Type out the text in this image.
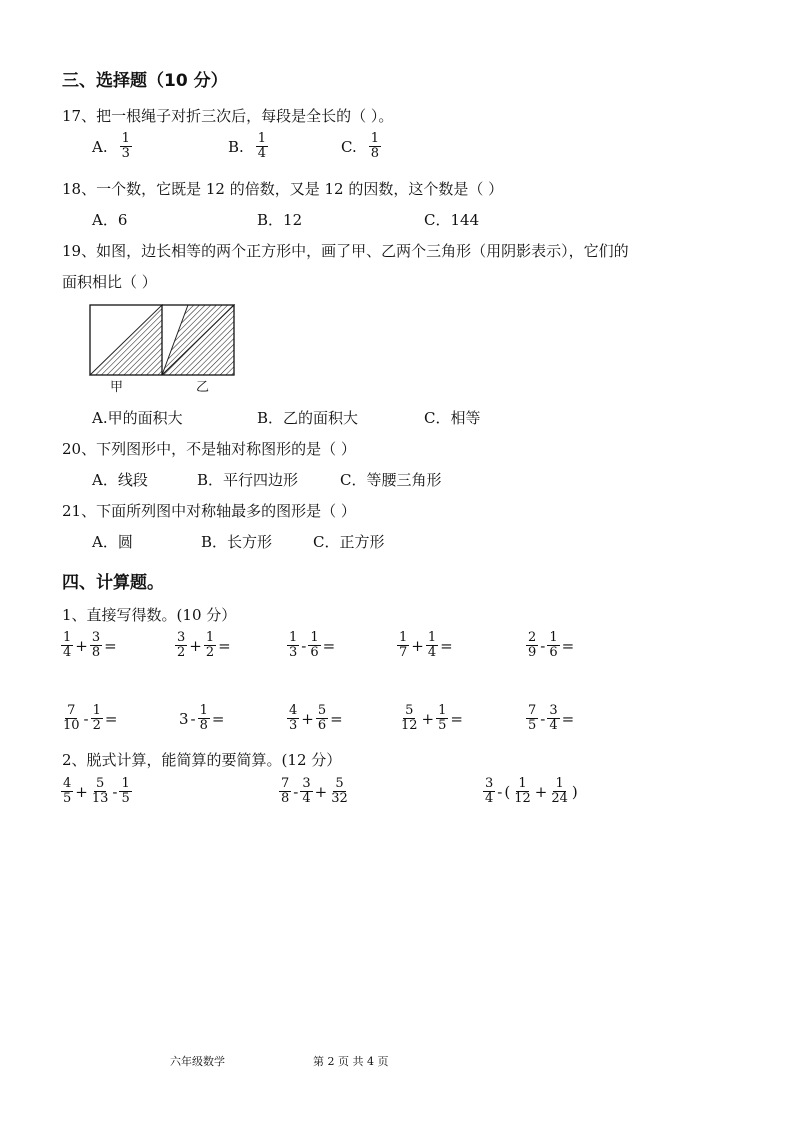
三、选择题（10 分）
17、把一根绳子对折三次后，每段是全长的（ ）。
A. $\frac{1}{3}$	B. $\frac{1}{4}$	C. $\frac{1}{8}$
18、一个数，它既是 12 的倍数，又是 12 的因数，这个数是（ ）
A．6	B．12	C．144
19、如图，边长相等的两个正方形中，画了甲、乙两个三角形（用阴影表示），它们的
面积相比（ ）
甲	乙
A.甲的面积大	B．乙的面积大	C．相等
20、下列图形中，不是轴对称图形的是（ ）
A．线段	B．平行四边形	C．等腰三角形
21、下面所列图中对称轴最多的图形是（ ）
A．圆	B．长方形	C．正方形
四、计算题。
1、直接写得数。(10 分）
$\frac{1}{4} + \frac{3}{8}$ =	$\frac{3}{2} + \frac{1}{2}$ =	$\frac{1}{3} - \frac{1}{6}$ =	$\frac{1}{7} + \frac{1}{4}$ =	$\frac{2}{9} - \frac{1}{6}$ =
$\frac{7}{10} - \frac{1}{2}$ =	$3 - \frac{1}{8}$ =	$\frac{4}{3} + \frac{5}{6}$ =	$\frac{5}{12} + \frac{1}{5}$ =	$\frac{7}{5} - \frac{3}{4}$ =
2、脱式计算，能简算的要简算。(12 分）
$\frac{4}{5} + \frac{5}{13} - \frac{1}{5}$	$\frac{7}{8} - \frac{3}{4} + \frac{5}{32}$	$\frac{3}{4}$ - ( $\frac{1}{12} + \frac{1}{24}$ )
六年级数学	第 2 页 共 4 页
